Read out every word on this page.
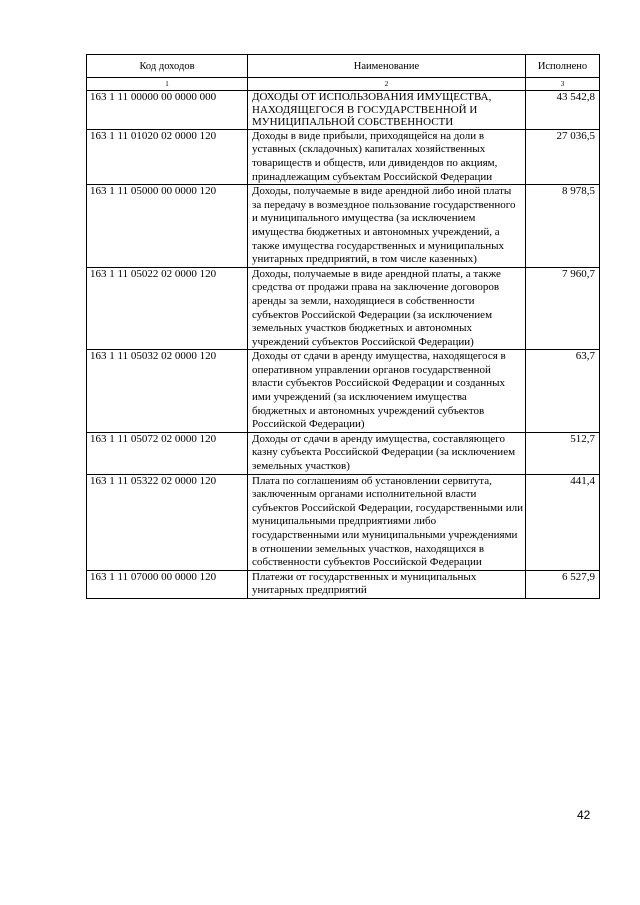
Код доходов	Наименование	Исполнено
1	2	3
163 1 11 00000 00 0000 000	ДОХОДЫ ОТ ИСПОЛЬЗОВАНИЯ ИМУЩЕСТВА, НАХОДЯЩЕГОСЯ В ГОСУДАРСТВЕННОЙ И МУНИЦИПАЛЬНОЙ СОБСТВЕННОСТИ	43 542,8
163 1 11 01020 02 0000 120	Доходы в виде прибыли, приходящейся на доли в уставных (складочных) капиталах хозяйственных товариществ и обществ, или дивидендов по акциям, принадлежащим субъектам Российской Федерации	27 036,5
163 1 11 05000 00 0000 120	Доходы, получаемые в виде арендной либо иной платы за передачу в возмездное пользование государственного и муниципального имущества (за исключением имущества бюджетных и автономных учреждений, а также имущества государственных и муниципальных унитарных предприятий, в том числе казенных)	8 978,5
163 1 11 05022 02 0000 120	Доходы, получаемые в виде арендной платы, а также средства от продажи права на заключение договоров аренды за земли, находящиеся в собственности субъектов Российской Федерации (за исключением земельных участков бюджетных и автономных учреждений субъектов Российской Федерации)	7 960,7
163 1 11 05032 02 0000 120	Доходы от сдачи в аренду имущества, находящегося в оперативном управлении органов государственной власти субъектов Российской Федерации и созданных ими учреждений (за исключением имущества бюджетных и автономных учреждений субъектов Российской Федерации)	63,7
163 1 11 05072 02 0000 120	Доходы от сдачи в аренду имущества, составляющего казну субъекта Российской Федерации (за исключением земельных участков)	512,7
163 1 11 05322 02 0000 120	Плата по соглашениям об установлении сервитута, заключенным органами исполнительной власти субъектов Российской Федерации, государственными или муниципальными предприятиями либо государственными или муниципальными учреждениями в отношении земельных участков, находящихся в собственности субъектов Российской Федерации	441,4
163 1 11 07000 00 0000 120	Платежи от государственных и муниципальных унитарных предприятий	6 527,9
42
